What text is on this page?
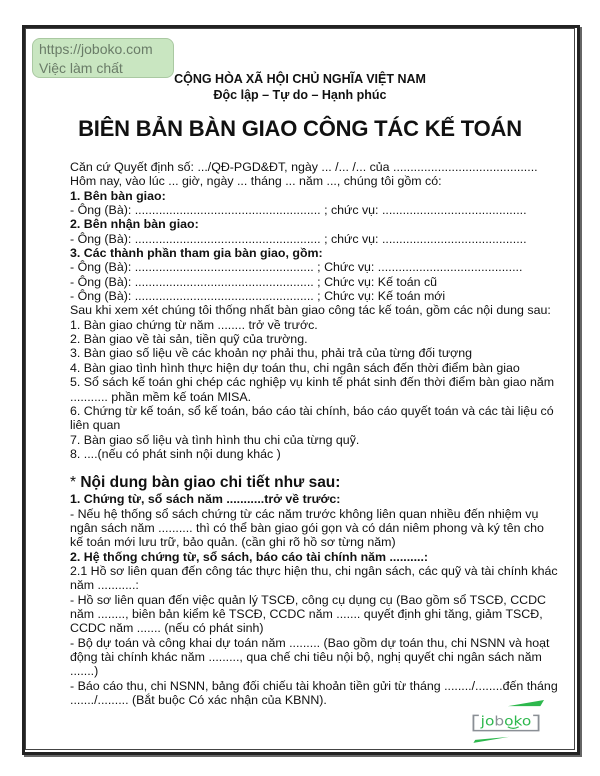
https://joboko.com
Việc làm chất
CỘNG HÒA XÃ HỘI CHỦ NGHĨA VIỆT NAM
Độc lập – Tự do – Hạnh phúc
BIÊN BẢN BÀN GIAO CÔNG TÁC KẾ TOÁN
Căn cứ Quyết định số: .../QĐ-PGD&ĐT, ngày ... /... /... của ..........................................
Hôm nay, vào lúc ... giờ, ngày ... tháng ... năm ..., chúng tôi gồm có:
1. Bên bàn giao:
- Ông (Bà): ...................................................... ; chức vụ: ..........................................
2. Bên nhận bàn giao:
- Ông (Bà): ...................................................... ; chức vụ: ..........................................
3. Các thành phần tham gia bàn giao, gồm:
- Ông (Bà): .................................................... ; Chức vụ: ..........................................
- Ông (Bà): .................................................... ; Chức vụ: Kế toán cũ
- Ông (Bà): .................................................... ; Chức vụ: Kế toán mới
Sau khi xem xét chúng tôi thống nhất bàn giao công tác kế toán, gồm các nội dung sau:
1. Bàn giao chứng từ năm ........ trở về trước.
2. Bàn giao về tài sản, tiền quỹ của trường.
3. Bàn giao số liệu về các khoản nợ phải thu, phải trả của từng đối tượng
4. Bàn giao tình hình thực hiện dự toán thu, chi ngân sách đến thời điểm bàn giao
5. Sổ sách kế toán ghi chép các nghiệp vụ kinh tế phát sinh đến thời điểm bàn giao năm
........... phần mềm kế toán MISA.
6. Chứng từ kế toán, sổ kế toán, báo cáo tài chính, báo cáo quyết toán và các tài liệu có
liên quan
7. Bàn giao số liệu và tình hình thu chi của từng quỹ.
8. ....(nếu có phát sinh nội dung khác )
* Nội dung bàn giao chi tiết như sau:
1. Chứng từ, sổ sách năm ...........trở về trước:
- Nếu hệ thống sổ sách chứng từ các năm trước không liên quan nhiều đến nhiệm vụ
ngân sách năm .......... thì có thể bàn giao gói gọn và có dán niêm phong và ký tên cho
kế toán mới lưu trữ, bảo quản. (cần ghi rõ hồ sơ từng năm)
2. Hệ thống chứng từ, sổ sách, báo cáo tài chính năm ..........:
2.1 Hồ sơ liên quan đến công tác thực hiện thu, chi ngân sách, các quỹ và tài chính khác
năm ...........:
- Hồ sơ liên quan đến việc quản lý TSCĐ, công cụ dụng cụ (Bao gồm sổ TSCĐ, CCDC
năm ........, biên bản kiểm kê TSCĐ, CCDC năm ....... quyết định ghi tăng, giảm TSCĐ,
CCDC năm ....... (nếu có phát sinh)
- Bộ dự toán và công khai dự toán năm ......... (Bao gồm dự toán thu, chi NSNN và hoạt
động tài chính khác năm ........., qua chế chi tiêu nội bộ, nghị quyết chi ngân sách năm
.......)
- Báo cáo thu, chi NSNN, bảng đối chiếu tài khoản tiền gửi từ tháng ......../........đến tháng
......./......... (Bắt buộc Có xác nhận của KBNN).
joboko
